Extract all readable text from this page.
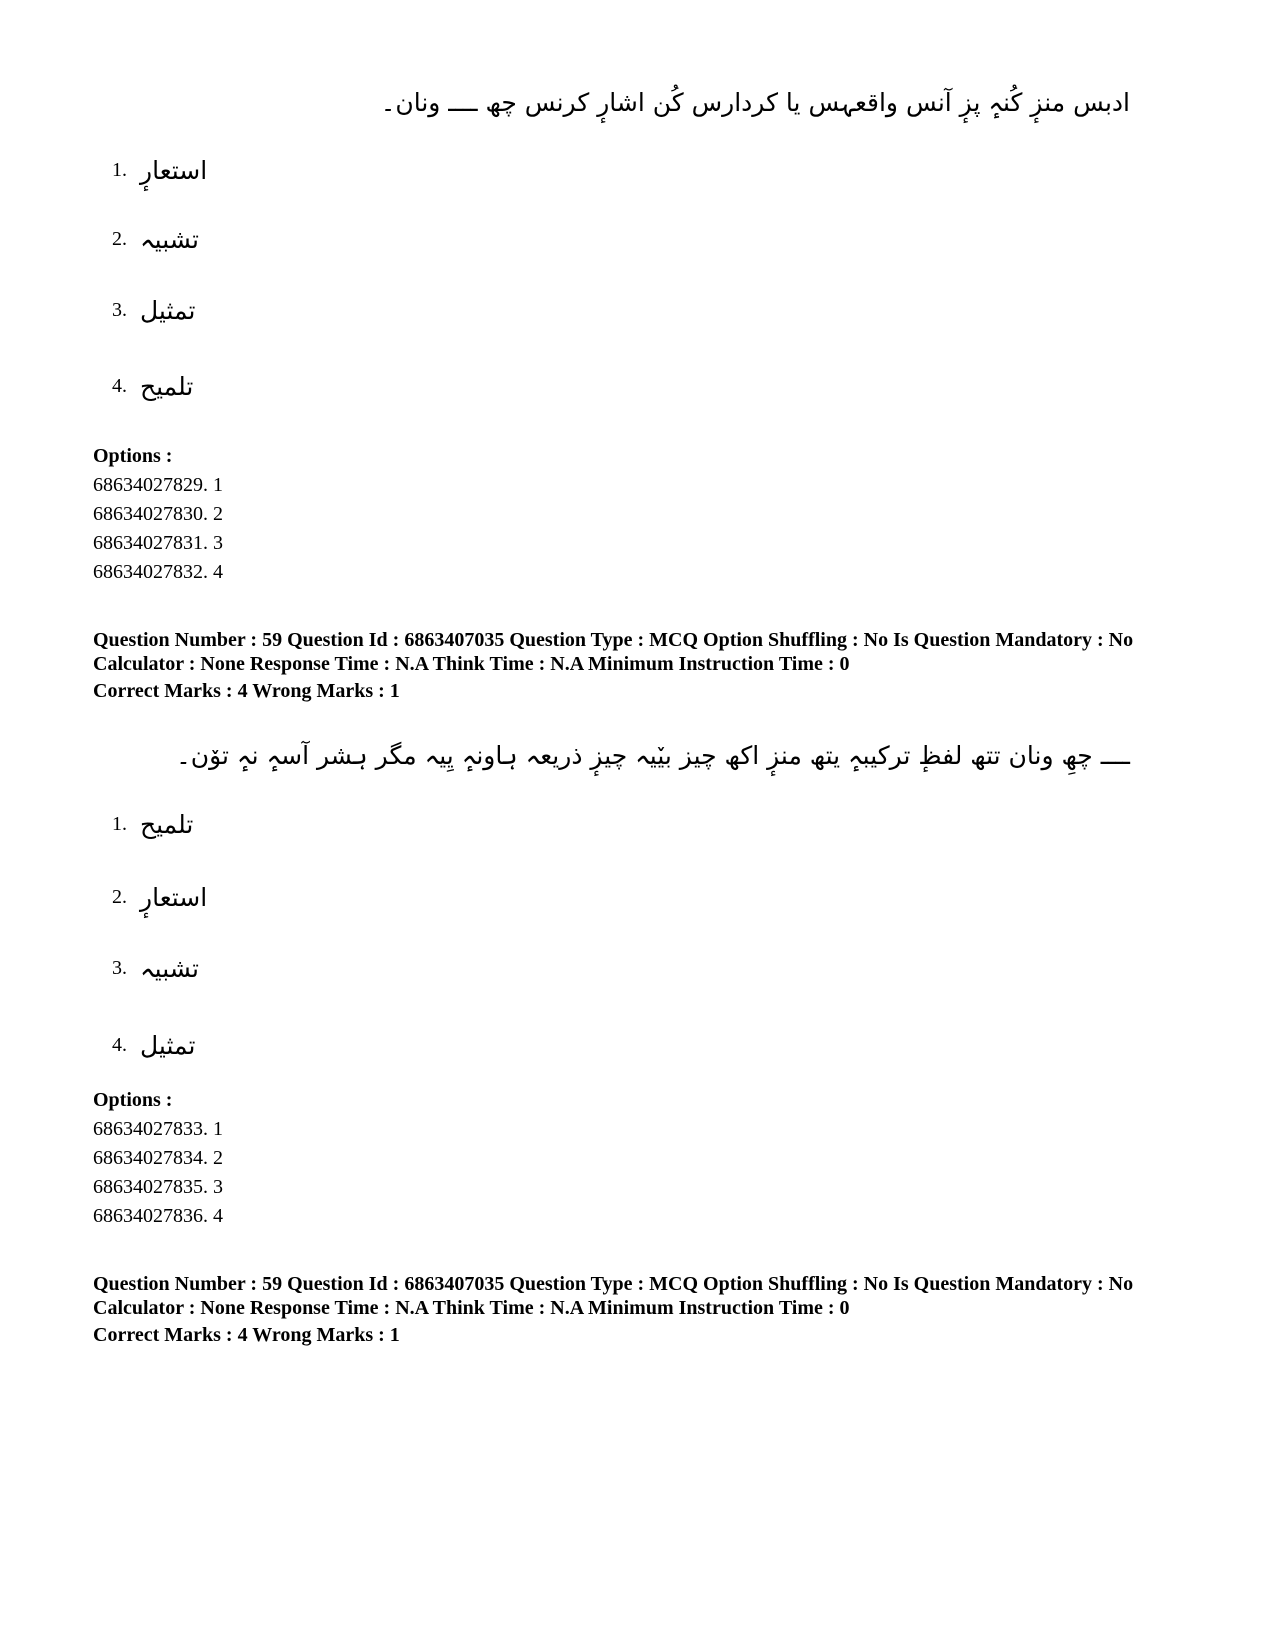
ادبس منزٕ کُنہٕ پزٕ آنس واقعہس یا کردارس کُن اشارٕ کرنس چھ ــــ ونان۔
1. استعارٕ
2. تشبیہ
3. تمثیل
4. تلمیح
Options :
68634027829. 1
68634027830. 2
68634027831. 3
68634027832. 4
Question Number : 59 Question Id : 6863407035 Question Type : MCQ Option Shuffling : No Is Question Mandatory : No Calculator : None Response Time : N.A Think Time : N.A Minimum Instruction Time : 0
Correct Marks : 4 Wrong Marks : 1
ــــ چھِ ونان تتھ لفظٕ ترکیبہٕ یتھ منزٕ اکھ چیز بیٚیہ چیزٕ ذریعہ ہاونہٕ یِیہ مگر ہشر آسہٕ نہٕ توٚن۔
1. تلمیح
2. استعارٕ
3. تشبیہ
4. تمثیل
Options :
68634027833. 1
68634027834. 2
68634027835. 3
68634027836. 4
Question Number : 59 Question Id : 6863407035 Question Type : MCQ Option Shuffling : No Is Question Mandatory : No Calculator : None Response Time : N.A Think Time : N.A Minimum Instruction Time : 0
Correct Marks : 4 Wrong Marks : 1
